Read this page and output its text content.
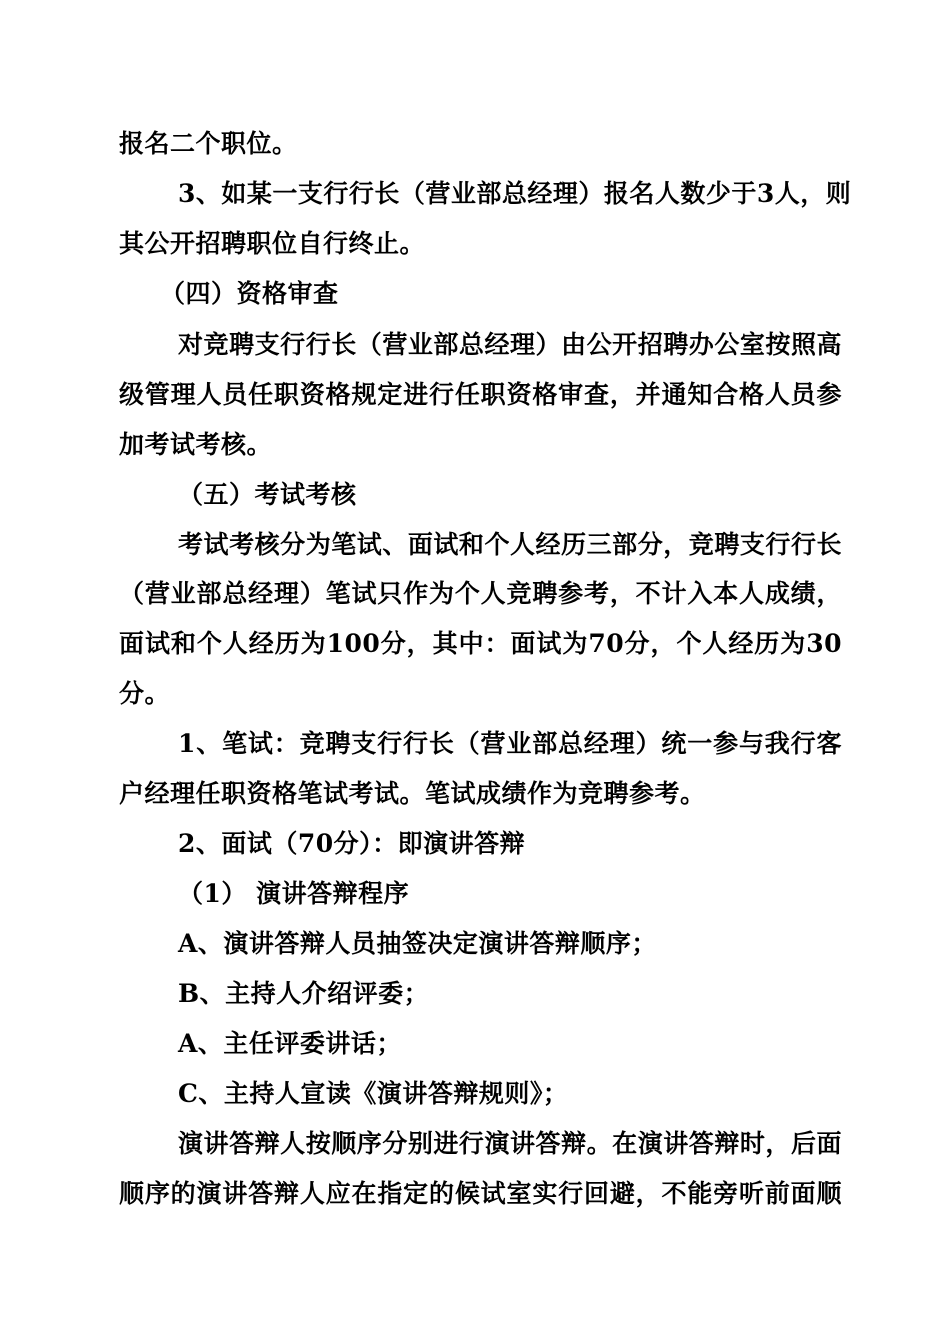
报名二个职位。
3、如某一支行行长（营业部总经理）报名人数少于3人，则
其公开招聘职位自行终止。
（四）资格审查
对竞聘支行行长（营业部总经理）由公开招聘办公室按照高
级管理人员任职资格规定进行任职资格审查，并通知合格人员参
加考试考核。
（五）考试考核
考试考核分为笔试、面试和个人经历三部分，竞聘支行行长
（营业部总经理）笔试只作为个人竞聘参考，不计入本人成绩，
面试和个人经历为100分，其中：面试为70分，个人经历为30
分。
1、笔试：竞聘支行行长（营业部总经理）统一参与我行客
户经理任职资格笔试考试。笔试成绩作为竞聘参考。
2、面试（70分）：即演讲答辩
（1） 演讲答辩程序
A、演讲答辩人员抽签决定演讲答辩顺序；
B、主持人介绍评委；
A、主任评委讲话；
C、主持人宣读《演讲答辩规则》；
演讲答辩人按顺序分别进行演讲答辩。在演讲答辩时，后面
顺序的演讲答辩人应在指定的候试室实行回避，不能旁听前面顺
